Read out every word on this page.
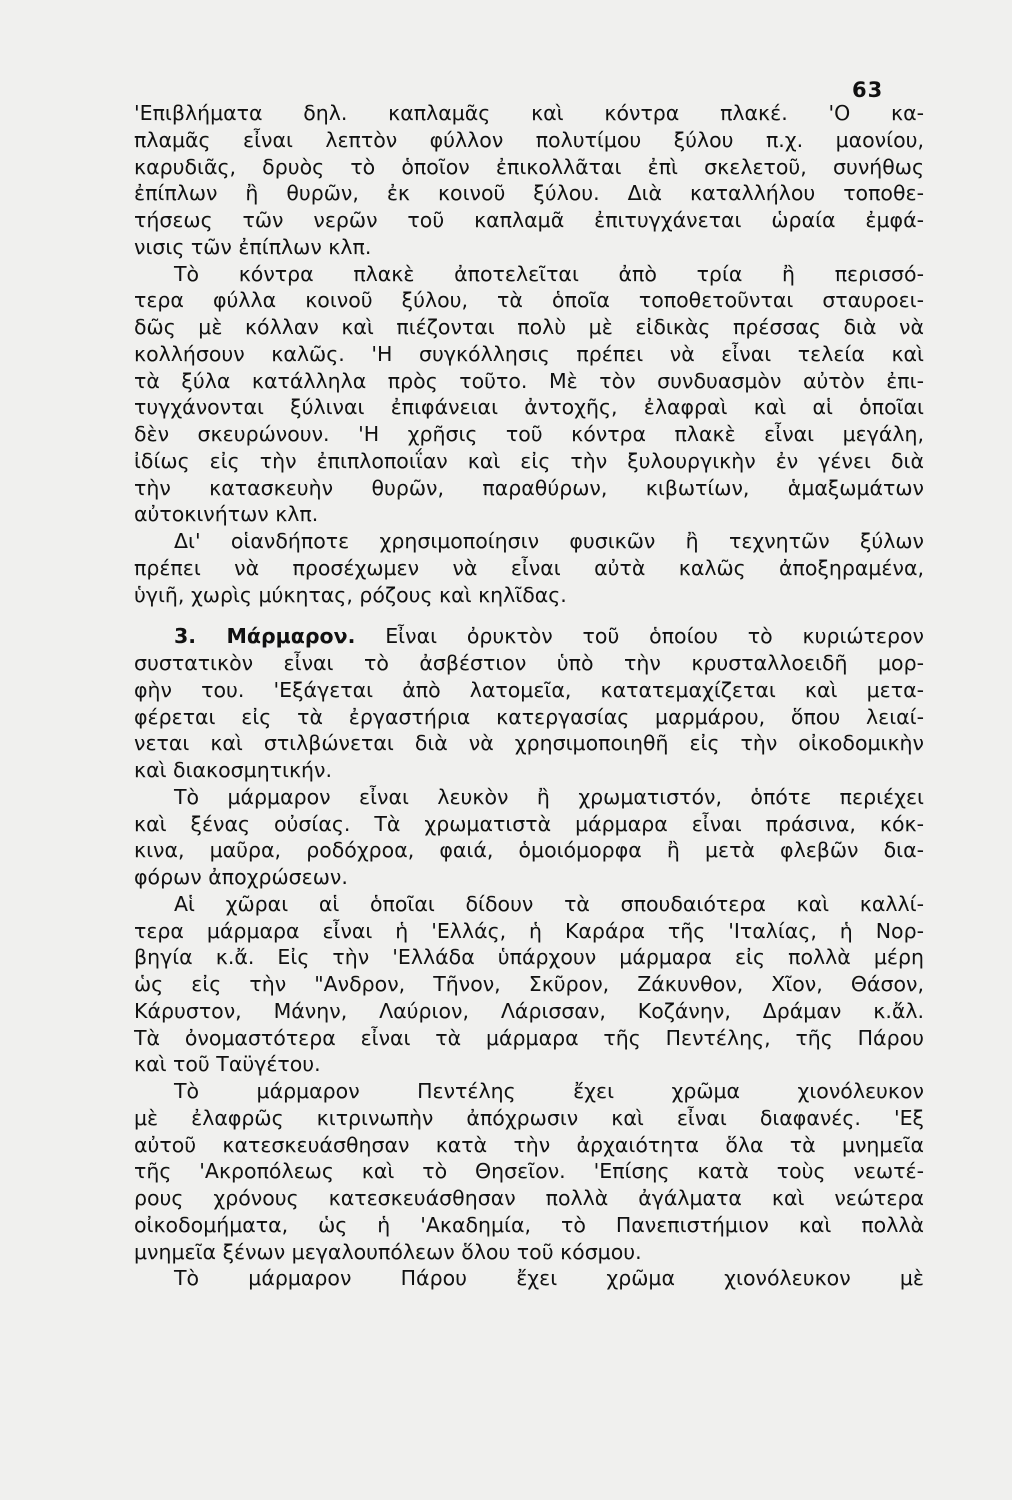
63
'Επιβλήματα δηλ. καπλαμᾶς καὶ κόντρα πλακέ. 'Ο κα-
πλαμᾶς εἶναι λεπτὸν φύλλον πολυτίμου ξύλου π.χ. μαονίου,
καρυδιᾶς, δρυὸς τὸ ὁποῖον ἐπικολλᾶται ἐπὶ σκελετοῦ, συνήθως
ἐπίπλων ἢ θυρῶν, ἐκ κοινοῦ ξύλου. Διὰ καταλλήλου τοποθε-
τήσεως τῶν νερῶν τοῦ καπλαμᾶ ἐπιτυγχάνεται ὡραία ἐμφά-
νισις τῶν ἐπίπλων κλπ.
Τὸ κόντρα πλακὲ ἀποτελεῖται ἀπὸ τρία ἢ περισσό-
τερα φύλλα κοινοῦ ξύλου, τὰ ὁποῖα τοποθετοῦνται σταυροει-
δῶς μὲ κόλλαν καὶ πιέζονται πολὺ μὲ εἰδικὰς πρέσσας διὰ νὰ
κολλήσουν καλῶς. 'Η συγκόλλησις πρέπει νὰ εἶναι τελεία καὶ
τὰ ξύλα κατάλληλα πρὸς τοῦτο. Μὲ τὸν συνδυασμὸν αὐτὸν ἐπι-
τυγχάνονται ξύλιναι ἐπιφάνειαι ἀντοχῆς, ἐλαφραὶ καὶ αἱ ὁποῖαι
δὲν σκευρώνουν. 'Η χρῆσις τοῦ κόντρα πλακὲ εἶναι μεγάλη,
ἰδίως εἰς τὴν ἐπιπλοποιΐαν καὶ εἰς τὴν ξυλουργικὴν ἐν γένει διὰ
τὴν κατασκευὴν θυρῶν, παραθύρων, κιβωτίων, ἁμαξωμάτων
αὐτοκινήτων κλπ.
Δι' οἱανδήποτε χρησιμοποίησιν φυσικῶν ἢ τεχνητῶν ξύλων
πρέπει νὰ προσέχωμεν νὰ εἶναι αὐτὰ καλῶς ἀποξηραμένα,
ὑγιῆ, χωρὶς μύκητας, ρόζους καὶ κηλῖδας.
3. Μάρμαρον. Εἶναι ὀρυκτὸν τοῦ ὁποίου τὸ κυριώτερον
συστατικὸν εἶναι τὸ ἀσβέστιον ὑπὸ τὴν κρυσταλλοειδῆ μορ-
φὴν του. 'Εξάγεται ἀπὸ λατομεῖα, κατατεμαχίζεται καὶ μετα-
φέρεται εἰς τὰ ἐργαστήρια κατεργασίας μαρμάρου, ὅπου λειαί-
νεται καὶ στιλβώνεται διὰ νὰ χρησιμοποιηθῆ εἰς τὴν οἰκοδομικὴν
καὶ διακοσμητικήν.
Τὸ μάρμαρον εἶναι λευκὸν ἢ χρωματιστόν, ὁπότε περιέχει
καὶ ξένας οὐσίας. Τὰ χρωματιστὰ μάρμαρα εἶναι πράσινα, κόκ-
κινα, μαῦρα, ροδόχροα, φαιά, ὁμοιόμορφα ἢ μετὰ φλεβῶν δια-
φόρων ἀποχρώσεων.
Αἱ χῶραι αἱ ὁποῖαι δίδουν τὰ σπουδαιότερα καὶ καλλί-
τερα μάρμαρα εἶναι ἡ 'Ελλάς, ἡ Καράρα τῆς 'Ιταλίας, ἡ Νορ-
βηγία κ.ἄ. Εἰς τὴν 'Ελλάδα ὑπάρχουν μάρμαρα εἰς πολλὰ μέρη
ὡς εἰς τὴν "Ανδρον, Τῆνον, Σκῦρον, Ζάκυνθον, Χῖον, Θάσον,
Κάρυστον, Μάνην, Λαύριον, Λάρισσαν, Κοζάνην, Δράμαν κ.ἄλ.
Τὰ ὀνομαστότερα εἶναι τὰ μάρμαρα τῆς Πεντέλης, τῆς Πάρου
καὶ τοῦ Ταϋγέτου.
Τὸ μάρμαρον Πεντέλης ἔχει χρῶμα χιονόλευκον
μὲ ἐλαφρῶς κιτρινωπὴν ἀπόχρωσιν καὶ εἶναι διαφανές. 'Εξ
αὐτοῦ κατεσκευάσθησαν κατὰ τὴν ἀρχαιότητα ὅλα τὰ μνημεῖα
τῆς 'Ακροπόλεως καὶ τὸ Θησεῖον. 'Επίσης κατὰ τοὺς νεωτέ-
ρους χρόνους κατεσκευάσθησαν πολλὰ ἀγάλματα καὶ νεώτερα
οἰκοδομήματα, ὡς ἡ 'Ακαδημία, τὸ Πανεπιστήμιον καὶ πολλὰ
μνημεῖα ξένων μεγαλουπόλεων ὅλου τοῦ κόσμου.
Τὸ μάρμαρον Πάρου ἔχει χρῶμα χιονόλευκον μὲ
